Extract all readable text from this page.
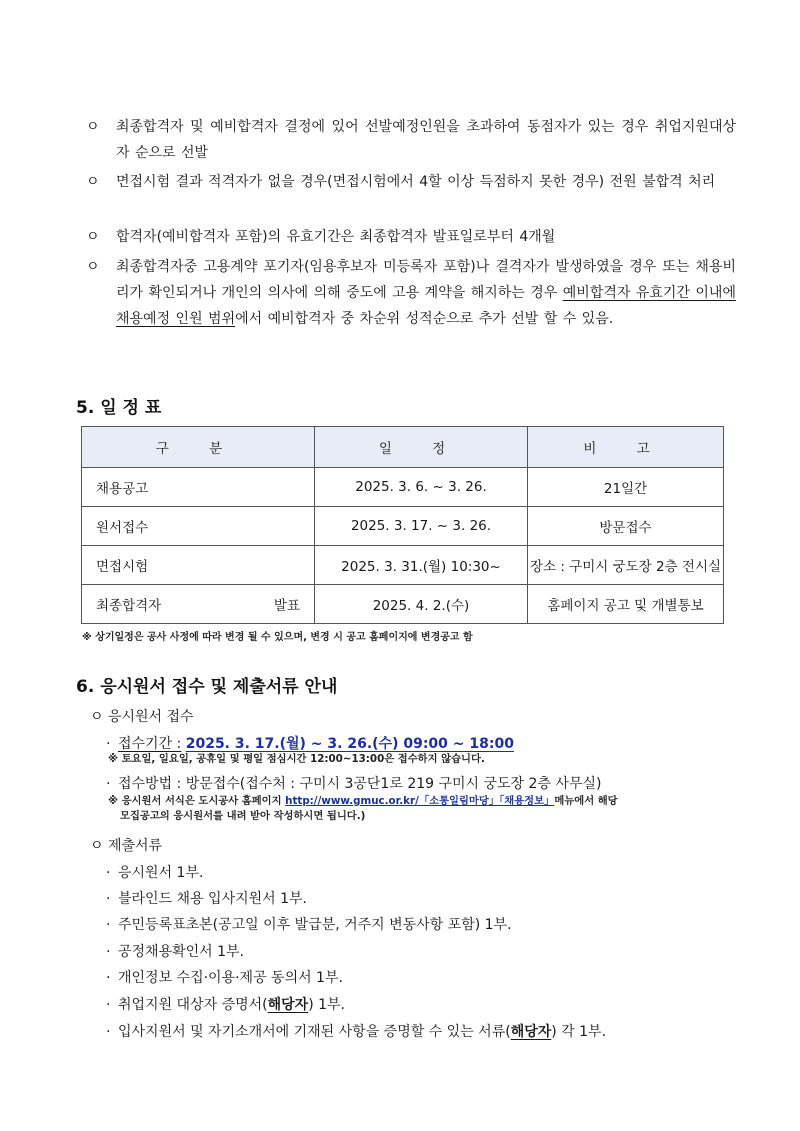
ㅇ	최종합격자 및 예비합격자 결정에 있어 선발예정인원을 초과하여 동점자가 있는 경우 취업지원대상자 순으로 선발
ㅇ	면접시험 결과 적격자가 없을 경우(면접시험에서 4할 이상 득점하지 못한 경우) 전원 불합격 처리
ㅇ	합격자(예비합격자 포함)의 유효기간은 최종합격자 발표일로부터 4개월
ㅇ	최종합격자중 고용계약 포기자(임용후보자 미등록자 포함)나 결격자가 발생하였을 경우 또는 채용비리가 확인되거나 개인의 의사에 의해 중도에 고용 계약을 해지하는 경우 예비합격자 유효기간 이내에 채용예정 인원 범위에서 예비합격자 중 차순위 성적순으로 추가 선발 할 수 있음.
5. 일 정 표
구 분	일 정	비 고
채용공고	2025. 3. 6. ~ 3. 26.	21일간
원서접수	2025. 3. 17. ~ 3. 26.	방문접수
면접시험	2025. 3. 31.(월) 10:30~	장소 : 구미시 궁도장 2층 전시실
최종합격자 발표	2025. 4. 2.(수)	홈페이지 공고 및 개별통보
※ 상기일정은 공사 사정에 따라 변경 될 수 있으며, 변경 시 공고 홈페이지에 변경공고 함
6. 응시원서 접수 및 제출서류 안내
ㅇ 응시원서 접수
· 접수기간 : 2025. 3. 17.(월) ~ 3. 26.(수) 09:00 ~ 18:00
※ 토요일, 일요일, 공휴일 및 평일 점심시간 12:00~13:00은 접수하지 않습니다.
· 접수방법 : 방문접수(접수처 : 구미시 3공단1로 219 구미시 궁도장 2층 사무실)
※ 응시원서 서식은 도시공사 홈페이지 http://www.gmuc.or.kr/「소통일림마당」「채용정보」메뉴에서 해당
모집공고의 응시원서를 내려 받아 작성하시면 됩니다.)
ㅇ 제출서류
· 응시원서 1부.
· 블라인드 채용 입사지원서 1부.
· 주민등록표초본(공고일 이후 발급분, 거주지 변동사항 포함) 1부.
· 공정채용확인서 1부.
· 개인정보 수집·이용·제공 동의서 1부.
· 취업지원 대상자 증명서(해당자) 1부.
· 입사지원서 및 자기소개서에 기재된 사항을 증명할 수 있는 서류(해당자) 각 1부.
